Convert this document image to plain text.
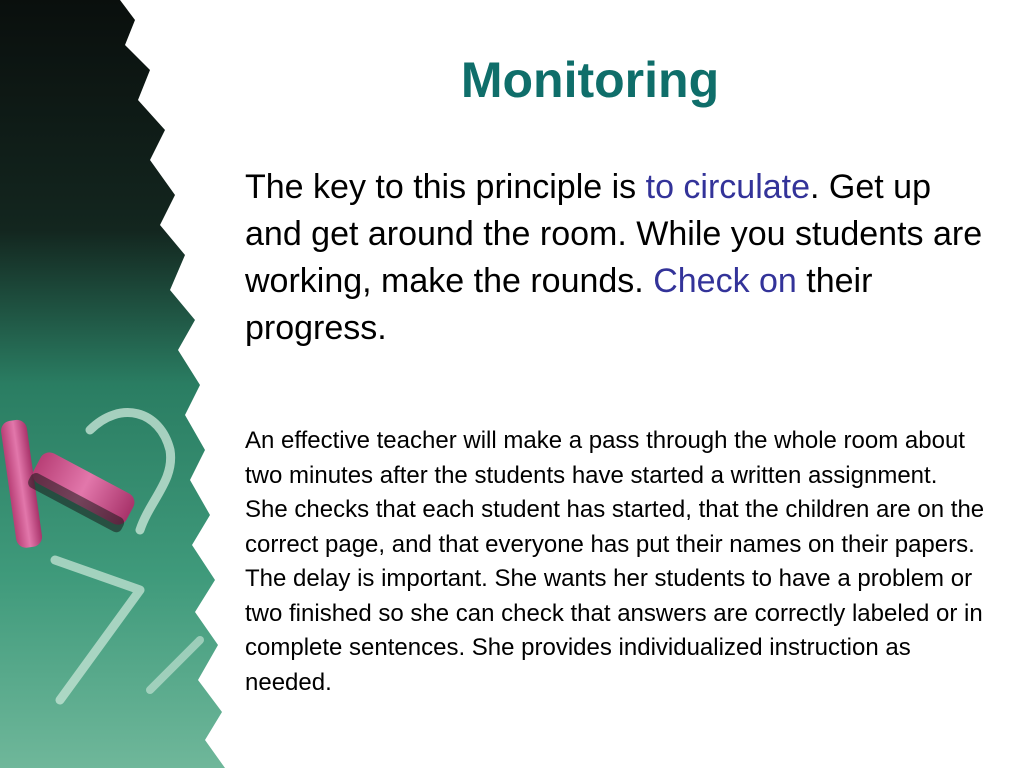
Monitoring

The key to this principle is to circulate. Get up and get around the room. While you students are working, make the rounds. Check on their progress.

An effective teacher will make a pass through the whole room about two minutes after the students have started a written assignment. She checks that each student has started, that the children are on the correct page, and that everyone has put their names on their papers. The delay is important. She wants her students to have a problem or two finished so she can check that answers are correctly labeled or in complete sentences. She provides individualized instruction as needed.
